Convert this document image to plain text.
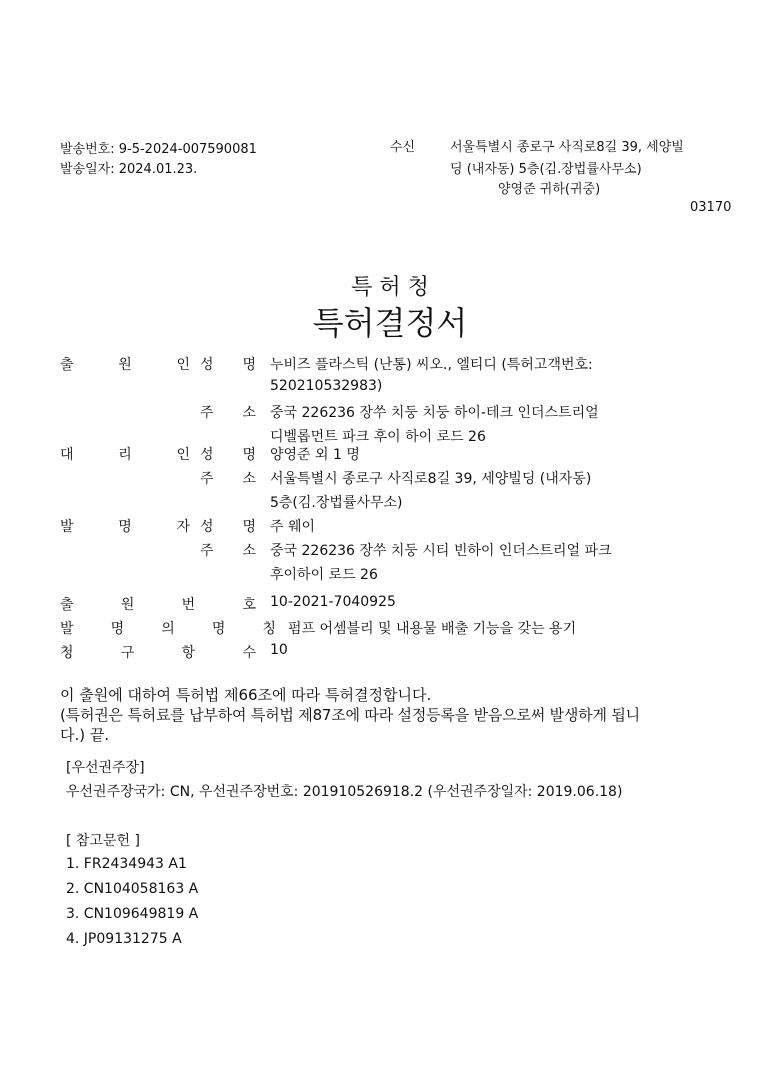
발송번호: 9-5-2024-007590081
발송일자: 2024.01.23.
수신	서울특별시 종로구 사직로8길 39, 세양빌
딩 (내자동) 5층(김.장법률사무소)
양영준 귀하(귀중)
03170
특 허 청
특허결정서
출	원	인 성 명 누비즈 플라스틱 (난통) 씨오., 엘티디 (특허고객번호:
520210532983)
주 소 중국 226236 장쑤 치둥 치둥 하이-테크 인더스트리얼
디벨롭먼트 파크 후이 하이 로드 26
대	리	인 성 명 양영준 외 1 명
주 소 서울특별시 종로구 사직로8길 39, 세양빌딩 (내자동)
5층(김.장법률사무소)
발	명	자 성 명 주 웨이
주 소 중국 226236 장쑤 치둥 시티 빈하이 인더스트리얼 파크
후이하이 로드 26
출	원	번	호 10-2021-7040925
발	명	의	명	칭 펌프 어셈블리 및 내용물 배출 기능을 갖는 용기
청	구	항	수 10
이 출원에 대하여 특허법 제66조에 따라 특허결정합니다.
(특허권은 특허료를 납부하여 특허법 제87조에 따라 설정등록을 받음으로써 발생하게 됩니
다.) 끝.
[우선권주장]
우선권주장국가: CN, 우선권주장번호: 201910526918.2 (우선권주장일자: 2019.06.18)
[ 참고문헌 ]
1. FR2434943 A1
2. CN104058163 A
3. CN109649819 A
4. JP09131275 A
